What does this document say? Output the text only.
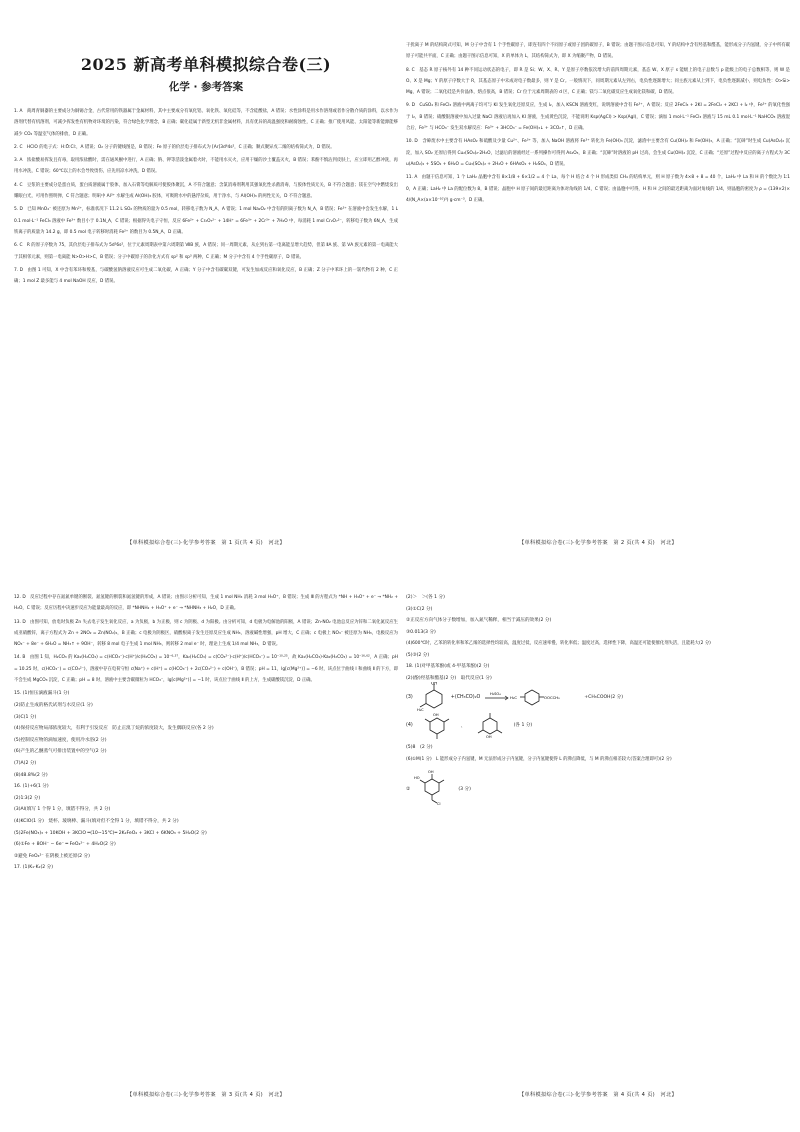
2025 新高考单科模拟综合卷(三)
化学 · 参考答案

1. A　商周青铜器的主要成分为铜锡合金，古代常用的铁器属于金属材料，其中主要成分有氧化铝、氧化铁、氧化硅等，不含硅酸盐，A 错误；水性涂料是用水作溶剂或者作分散介质的涂料，以水作为溶剂代替有机溶剂，可减少挥发性有机物对环境的污染，符合绿色化学理念，B 正确；碳化硅属于新型无机非金属材料，具有优异的高温强度和耐腐蚀性，C 正确；推广使用风能、太阳能等新能源能够减少 CO₂ 等温室气体的排放，D 正确。

2. C　HClO 的电子式：H:Ö:Cl:，A 错误；O₂ 分子的键线图是，B 错误；Fe 原子的价层电子排布式为 [Ar]3d⁶4s²，C 正确；顺式聚异戊二烯的结构简式为，D 错误。

3. A　浓盐酸易挥发且有毒，取用浓盐酸时，需在通风橱中进行，A 正确；钠、钾等活泼金属着火时，不能用水灭火，应用干燥的沙土覆盖灭火，B 错误；苯酚不慎沾到皮肤上，应立即用乙醇冲洗，再用水冲洗，C 错误；60℃以上的水会导致烫伤，应先用凉水冲洗，D 错误。

4. C　豆浆的主要成分是蛋白质，蛋白质溶液属于胶体，加入石膏等电解质可使胶体聚沉，A 不符合题意；含氯消毒剂利用其强氧化性杀菌消毒，与胶体性质无关，B 不符合题意；镁在空气中燃烧发出耀眼白光，可用作照明弹，C 符合题意；明矾中 Al³⁺ 水解生成 Al(OH)₃ 胶体，可吸附水中的悬浮杂质，用于净水，与 Al(OH)₃ 的两性无关，D 不符合题意。

5. D　已知 MnO₄⁻ 被还原为 Mn²⁺，标准状况下 11.2 L SO₂ 的物质的量为 0.5 mol，转移电子数为 N_A，A 错误；1 mol Na₂O₂ 中含有的阴离子数为 N_A，B 错误；Fe³⁺ 在溶液中会发生水解，1 L 0.1 mol·L⁻¹ FeCl₃ 溶液中 Fe³⁺ 数目小于 0.1N_A，C 错误；根据得失电子守恒，反应 6Fe²⁺ + Cr₂O₇²⁻ + 14H⁺ = 6Fe³⁺ + 2Cr³⁺ + 7H₂O 中，每消耗 1 mol Cr₂O₇²⁻，转移电子数为 6N_A，生成铁离子的质量为 14.2 g，即 0.5 mol 电子转移时消耗 Fe²⁺ 的数目为 0.5N_A，D 正确。

6. C　R 的原子序数为 75，其价层电子排布式为 5d⁵6s²，位于元素周期表中第六周期第 ⅦB 族，A 错误；同一周期元素，从左到右第一电离能呈增大趋势，但第 ⅡA 族、第 ⅤA 族元素的第一电离能大于其相邻元素，则第一电离能 N>O>H>C，B 错误；分子中碳原子的杂化方式有 sp² 和 sp³ 两种，C 正确；M 分子中含有 4 个手性碳原子，D 错误。

7. D　由图 1 可知，X 中含有苯环和羧基，与碳酸氢钠溶液反应可生成二氧化碳，A 正确；Y 分子中含有碳碳双键，可发生加成反应和氧化反应，B 正确；Z 分子中苯环上的一氯代物有 2 种，C 正确；1 mol Z 最多能与 4 mol NaOH 反应，D 错误。

【单科模拟综合卷(三)·化学参考答案　第 1 页(共 4 页)　河北】

干扰离子 M 的结构简式可知，M 分子中含有 1 个手性碳原子，即连有四个不同原子或原子团的碳原子，B 错误；由题干图示信息可知，Y 的结构中含有羟基和醛基，能形成分子内氢键，分子中所有碳原子可能共平面，C 正确；由题干图示信息可知，X 的单体为 L，其结构简式为，即 X 为缩聚产物，D 错误。

8. C　基态 R 原子核外有 14 种不同运动状态的电子，即 R 是 Si；W、X、R、Y 是原子序数依次增大的前四周期元素，基态 W、X 原子 s 能级上的电子总数与 p 能级上的电子总数相等，则 W 是 O、X 是 Mg；Y 的原子序数大于 R，其基态原子中未成对电子数最多，则 Y 是 Cr。一般情况下，同周期元素从左到右，电负性逐渐增大；同主族元素从上到下，电负性逐渐减小，则电负性：O>Si>Mg，A 错误；二氧化硅是共价晶体，熔点很高，B 错误；Cr 位于元素周期表的 d 区，C 正确；镁与二氧化碳反应生成氧化镁和碳，D 错误。

9. D　CuSO₄ 和 FeCl₃ 溶液中两离子均可与 KI 发生氧化还原反应，生成 I₂，加入 KSCN 溶液变红，说明溶液中含有 Fe³⁺，A 错误；反应 2FeCl₃ + 2KI = 2FeCl₂ + 2KCl + I₂ 中，Fe³⁺ 的氧化性强于 I₂，B 错误；硝酸银溶液中加入过量 NaCl 溶液后再加入 KI 溶液，生成黄色沉淀，不能说明 Ksp(AgCl) > Ksp(AgI)，C 错误；滴加 1 mol·L⁻¹ FeCl₃ 溶液与 15 mL 0.1 mol·L⁻¹ NaHCO₃ 溶液混合后，Fe³⁺ 与 HCO₃⁻ 发生双水解反应：Fe³⁺ + 3HCO₃⁻ = Fe(OH)₃↓ + 3CO₂↑，D 正确。

10. D　含砷废水中主要含有 HAsO₂ 和硫酸及少量 Cu²⁺、Fe³⁺ 等，加入 NaOH 溶液将 Fe³⁺ 转化为 Fe(OH)₃ 沉淀，滤渣中主要含有 Cu(OH)₂ 和 Fe(OH)₃，A 正确；“沉砷”时生成 Cu(AsO₂)₂ 沉淀，加入 SO₂ 还原后得到 Cu₂(SO₄)₂·2H₂O，过滤后的溶液经过一系列操作可得到 As₂O₃，B 正确；“沉砷”时溶液的 pH 过高，会生成 Cu(OH)₂ 沉淀，C 正确；“还原”过程中反应的离子方程式为 3Cu(AsO₂)₂ + 5SO₂ + 6H₂O = Cu₃(SO₄)₂ + 2H₂O + 6HAsO₂ + H₂SO₄，D 错误。

11. A　由题干信息可知，1 个 LaH₂ 晶胞中含有 8×1/8 + 6×1/2 = 4 个 La，每个 H 结合 4 个 H 形成类似 CH₄ 的结构单元，则 H 原子数为 4×8 + 8 = 40 个，LaH₂ 中 La 和 H 的个数比为 1∶10，A 正确；LaH₂ 中 La 的配位数为 8，B 错误；晶胞中 H 原子间的最近距离为体对角线的 1/4，C 错误；由晶胞中可得，H 和 H 之间的最近距离为面对角线的 1/4，则晶胞的密度为 ρ = (139×2)×4/(N_A×(a×10⁻¹⁰)³) g·cm⁻³，D 正确。

【单科模拟综合卷(三)·化学参考答案　第 2 页(共 4 页)　河北】

12. D　反应过程中存在氮氮单键的断裂、氮氢键的断裂和氮氢键的形成，A 错误；由图示分析可知，生成 1 mol NH₃ 消耗 3 mol H₃O⁺，B 错误；生成 Ⅲ 的方程式为 *NH + H₃O⁺ + e⁻ → *NH₂ + H₂O，C 错误；反应历程中决速步反应为能量最高的反应，即 *NHNH₂ + H₃O⁺ + e⁻ → *NHNH₃ + H₂O，D 正确。

13. D　由图可知，放电时负极 Zn 失去电子发生氧化反应，a 为负极，b 为正极，则 c 为阴极、d 为阳极。由分析可知，d 电极为电解池的阳极，A 错误；Zn-NO₂ 电池总反应为锌和二氧化氮反应生成亚硝酸锌，离子方程式为 Zn + 2NO₂ = Zn(NO₂)₂，B 正确；c 电极为阴极区，硝酸根离子发生还原反应生成 NH₃，溶液碱性增强，pH 增大，C 正确；c 电极上 NO₃⁻ 被还原为 NH₃，电极反应为 NO₃⁻ + 8e⁻ + 6H₂O = NH₃↑ + 9OH⁻，转移 8 mol 电子生成 1 mol NH₃，则转移 2 mol e⁻ 时，理论上生成 1/4 mol NH₃，D 错误。

14. B　由图 1 知，H₂CO₃ 的 Ka₁(H₂CO₃) = c(HCO₃⁻)·c(H⁺)/c(H₂CO₃) = 10⁻⁶·³⁷，Ka₂(H₂CO₃) = c(CO₃²⁻)·c(H⁺)/c(HCO₃⁻) = 10⁻¹⁰·²⁵，故 Ka₁(H₂CO₃)·Ka₂(H₂CO₃) = 10⁻¹⁶·⁶²，A 正确；pH = 10.25 时，c(HCO₃⁻) = c(CO₃²⁻)，溶液中存在电荷守恒 c(Na⁺) + c(H⁺) = c(HCO₃⁻) + 2c(CO₃²⁻) + c(OH⁻)，B 错误；pH = 11，lg[c(Mg²⁺)] = −6 时，该点位于曲线 Ⅰ 和曲线 Ⅱ 的下方，即不会生成 MgCO₃ 沉淀，C 正确；pH = 8 时，溶液中主要含碳微粒为 HCO₃⁻，lg[c(Mg²⁺)] = −1 时，该点位于曲线 Ⅱ 的上方，生成碳酸镁沉淀，D 正确。

15. (1)恒压滴液漏斗(1 分)

(2)防止生成的格氏试剂与水反应(1 分)

(3)C(1 分)

(4)保持反应物局部浓度较大，有利于引发反应　防止正溴丁烷的浓度较大，发生偶联反应(各 2 分)

(5)控制反应物的滴加速度，使用冷水浴(2 分)

(6)产生的乙醚蒸气可排出装置中的空气(2 分)

(7)A(2 分)

(8)48.8%(2 分)

16. (1)+6(1 分)

(2)1∶3(2 分)

(3)Al(填写 1 个得 1 分，填错不得分，共 2 分)

(4)KClO(1 分)　烧杯、玻璃棒、漏斗(填对但不全得 1 分，填错不得分，共 2 分)

(5)2Fe(NO₃)₃ + 10KOH + 3KClO ═(10~15℃)═ 2K₂FeO₄ + 3KCl + 6KNO₃ + 5H₂O(2 分)

(6)①Fe + 8OH⁻ − 6e⁻ ═ FeO₄²⁻ + 4H₂O(2 分)

②避免 FeO₄²⁻ 在阴极上被还原(2 分)

17. (1)K₁·K₂(2 分)

【单科模拟综合卷(三)·化学参考答案　第 3 页(共 4 页)　河北】

(2)＞　＞(各 1 分)

(3)①C(2 分)

②正反应方向气体分子数增加，加入氮气稀释，相当于减压的效果(2 分)

③0.013(3 分)

(4)600℃时，乙苯的转化率和苯乙烯的选择性均较高，温度过低，反应速率慢，转化率低；温度过高，选择性下降，高温还可能使催化剂失活，且能耗大(2 分)

(5)③(2 分)

18. (1)对甲基苯酚(或 4-甲基苯酚)(2 分)

(2)(酚)羟基和酯基(2 分)　取代反应(1 分)

(3)
OH
H₃C
+(CH₃CO)₂O
H₂SO₄
H₃C	OOCCH₃	+CH₃COOH(2 分)
(4)
OH
、
OH
(各 1 分)

(5)8　(2 分)

(6)①M(1 分)　L 能形成分子内氢键，M 无法形成分子内氢键，分子内氢键使得 L 的沸点降低，与 M 的沸点相差较大(答案合理即可)(2 分)

②
OH
HO
Cl
(3 分)
【单科模拟综合卷(三)·化学参考答案　第 4 页(共 4 页)　河北】
